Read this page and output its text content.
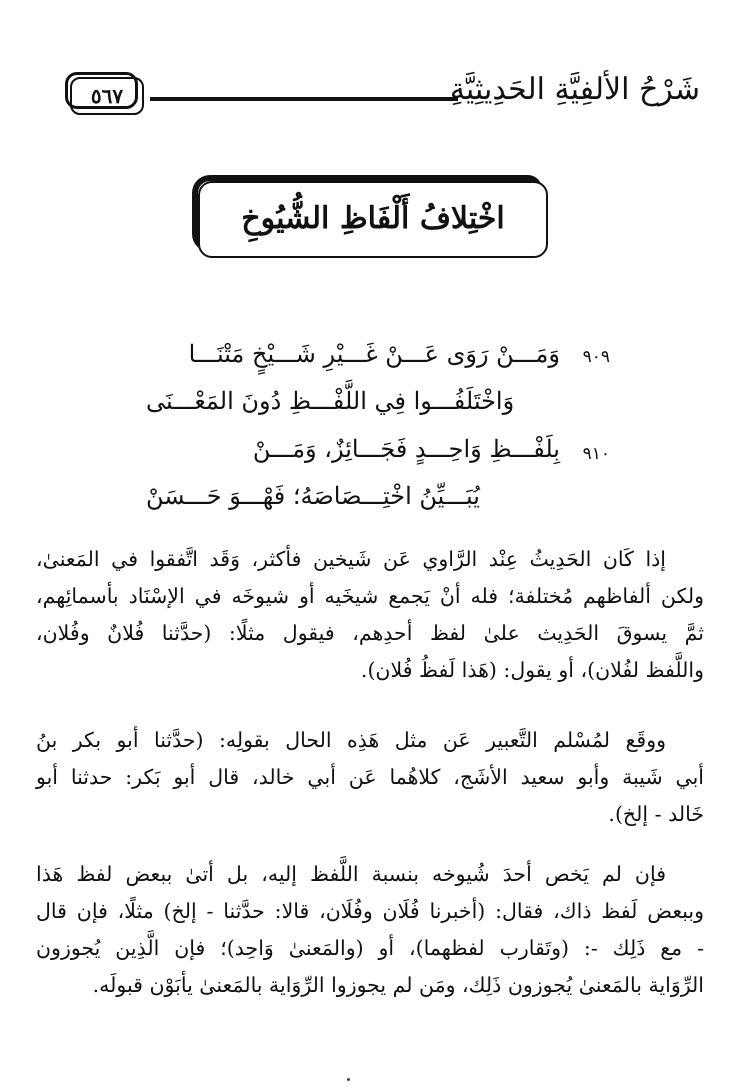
شَرْحُ الألفِيَّةِ الحَدِيثِيَّةِ
٥٦٧
اخْتِلافُ أَلْفَاظِ الشُّيُوخِ
٩٠٩
وَمَـــنْ رَوَى عَـــنْ غَـــيْرِ شَـــيْخٍ مَتْنَـــا
وَاخْتَلَفُـــوا فِي اللَّفْـــظِ دُونَ المَعْـــنَى
٩١٠
بِلَفْـــظِ وَاحِـــدٍ فَجَـــائِزٌ، وَمَـــنْ
يُبَـــيِّنُ اخْتِـــصَاصَهُ؛ فَهْـــوَ حَـــسَنْ
إذا كَان الحَدِيثُ عِنْد الرَّاوي عَن شَيخين فأكثر، وَقَد اتَّفقوا في المَعنىٰ،
ولكن ألفاظهم مُختلفة؛ فله أنْ يَجمع شيخَيه أو شيوخَه في الإسْنَاد بأسمائِهم،
ثمَّ يسوقَ الحَدِيث علىٰ لفظ أحدِهم، فيقول مثلًا: (حدَّثنا فُلانٌ وفُلان،
واللَّفظ لفُلان)، أو يقول: (هَذا لَفظُ فُلان).
ووقَع لمُسْلم التَّعبير عَن مثل هَذِه الحال بقولِه: (حدَّثنا أبو بكر بنُ
أبي شَيبة وأبو سعيد الأشَج، كلاهُما عَن أبي خالد، قال أبو بَكر: حدثنا أبو
خَالد - إلخ).
فإن لم يَخص أحدَ شُيوخه بنسبة اللَّفظ إليه، بل أتىٰ ببعض لفظ هَذا
وببعض لَفظ ذاك، فقال: (أخبرنا فُلَان وفُلَان، قالا: حدَّثنا - إلخ) مثلًا، فإن قال
- مع ذَلِك -: (وتَقارب لفظهما)، أو (والمَعنىٰ وَاحِد)؛ فإن الَّذِين يُجوزون
الرِّوَاية بالمَعنىٰ يُجوزون ذَلِك، ومَن لم يجوزوا الرِّوَاية بالمَعنىٰ يأبَوْن قبولَه.
